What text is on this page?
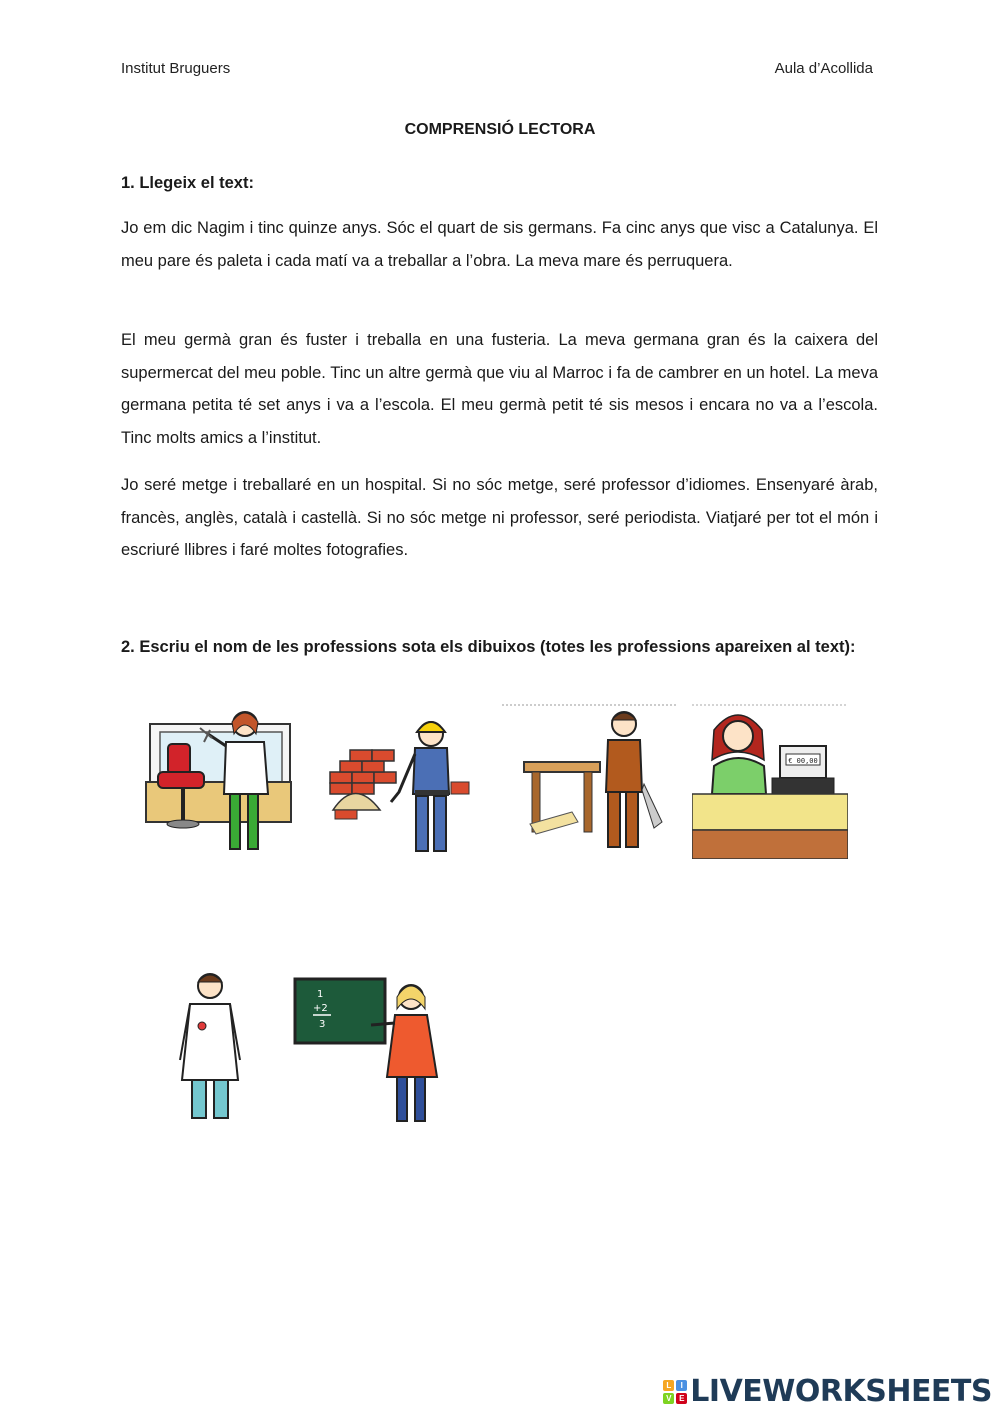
Institut Bruguers	Aula d’Acollida
COMPRENSIÓ LECTORA
1. Llegeix el text:

Jo em dic Nagim i tinc quinze anys. Sóc el quart de sis germans. Fa cinc anys que visc a Catalunya. El meu pare és paleta i cada matí va a treballar a l’obra. La meva mare és perruquera.

El meu germà gran és fuster i treballa en una fusteria. La meva germana gran és la caixera del supermercat del meu poble. Tinc un altre germà que viu al Marroc i fa de cambrer en un hotel. La meva germana petita té set anys i va a l’escola. El meu germà petit té sis mesos i encara no va a l’escola. Tinc molts amics a l’institut.

Jo seré metge i treballaré en un hospital. Si no sóc metge, seré professor d’idiomes. Ensenyaré àrab, francès, anglès, català i castellà. Si no sóc metge ni professor, seré periodista. Viatjaré per tot el món i escriuré llibres i faré moltes fotografies.

2. Escriu el nom de les professions sota els dibuixos (totes les professions apareixen al text):
€ 00,00
1
+2
3
L	I
V E LIVEWORKSHEETS
